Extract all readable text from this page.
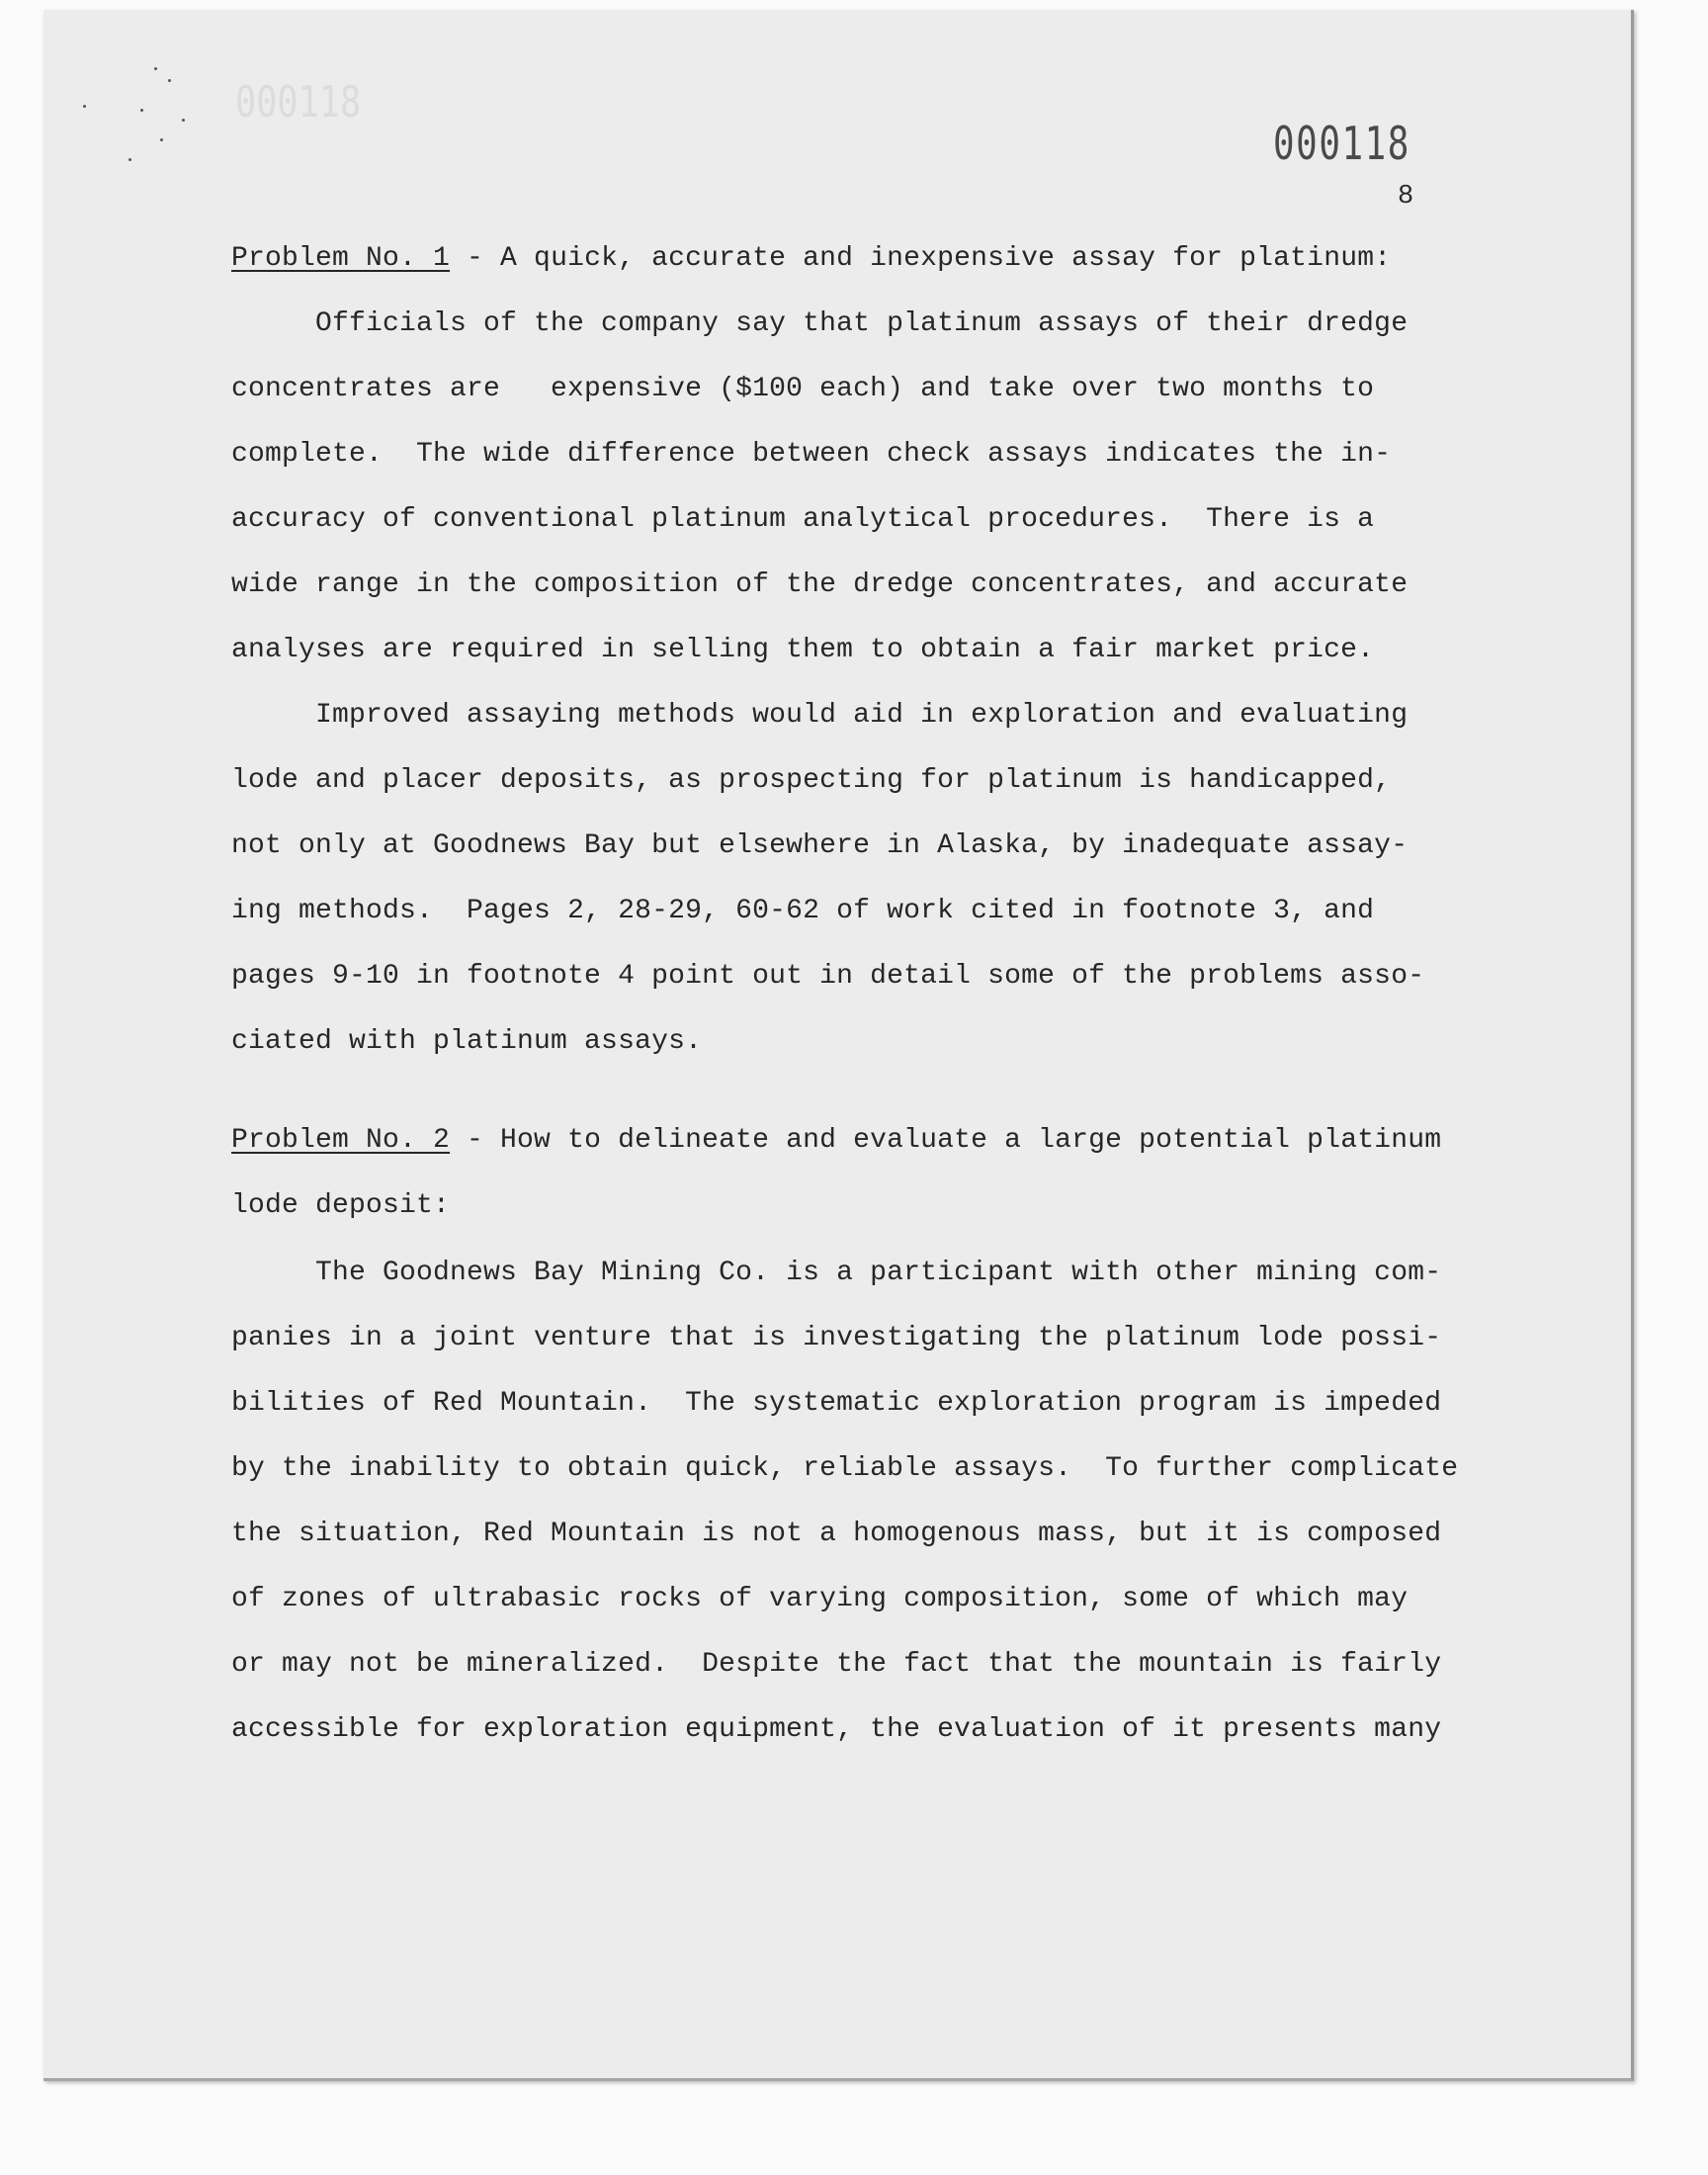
000118
000118
8
Problem No. 1 - A quick, accurate and inexpensive assay for platinum:
Officials of the company say that platinum assays of their dredge
concentrates are   expensive ($100 each) and take over two months to
complete.  The wide difference between check assays indicates the in-
accuracy of conventional platinum analytical procedures.  There is a
wide range in the composition of the dredge concentrates, and accurate
analyses are required in selling them to obtain a fair market price.
Improved assaying methods would aid in exploration and evaluating
lode and placer deposits, as prospecting for platinum is handicapped,
not only at Goodnews Bay but elsewhere in Alaska, by inadequate assay-
ing methods.  Pages 2, 28-29, 60-62 of work cited in footnote 3, and
pages 9-10 in footnote 4 point out in detail some of the problems asso-
ciated with platinum assays.
Problem No. 2 - How to delineate and evaluate a large potential platinum
lode deposit:
The Goodnews Bay Mining Co. is a participant with other mining com-
panies in a joint venture that is investigating the platinum lode possi-
bilities of Red Mountain.  The systematic exploration program is impeded
by the inability to obtain quick, reliable assays.  To further complicate
the situation, Red Mountain is not a homogenous mass, but it is composed
of zones of ultrabasic rocks of varying composition, some of which may
or may not be mineralized.  Despite the fact that the mountain is fairly
accessible for exploration equipment, the evaluation of it presents many
